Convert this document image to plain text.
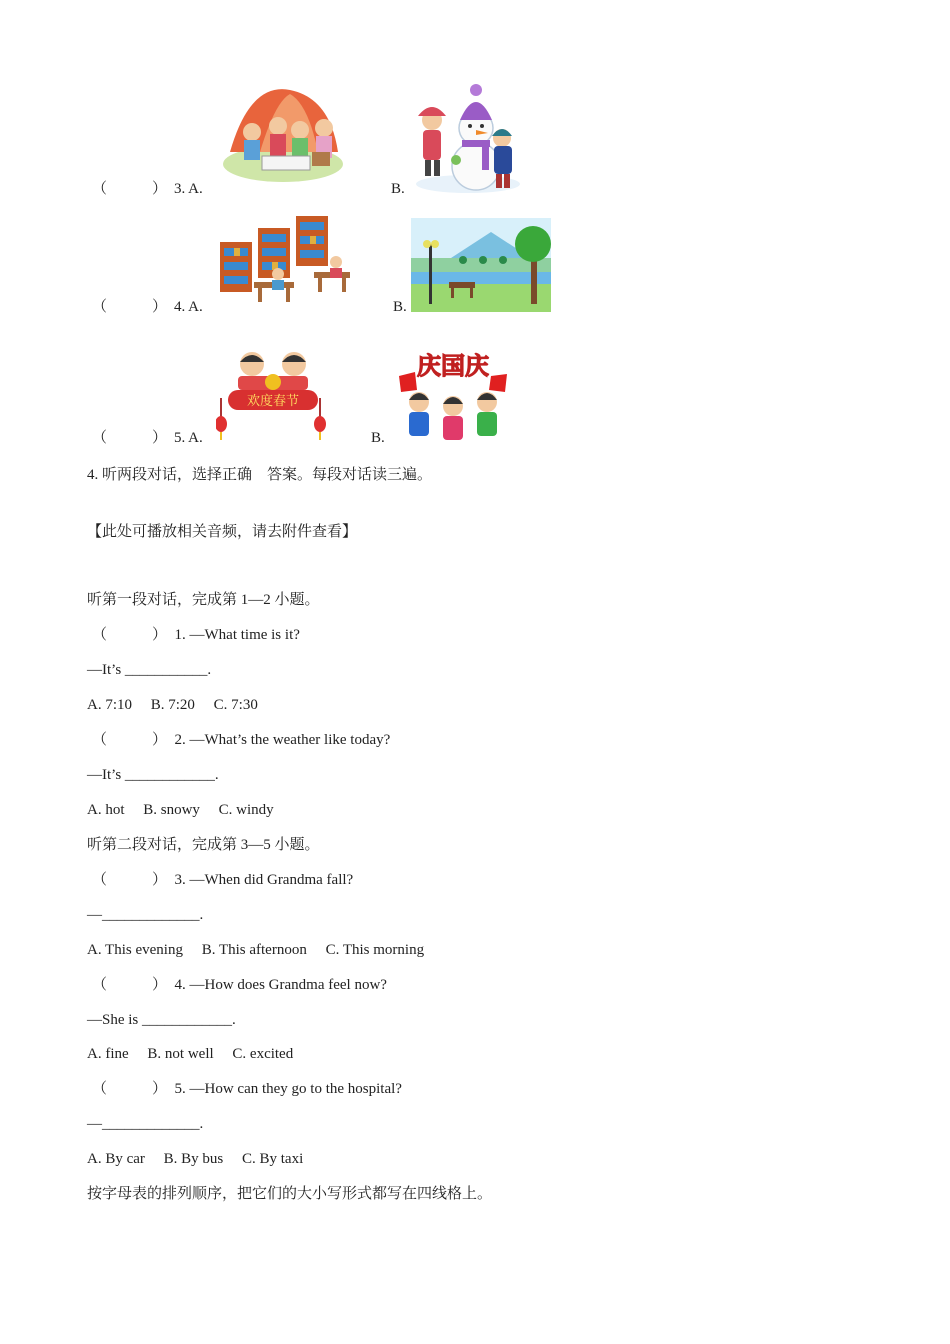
（　　　） 3. A.	B.
（　　　） 4. A.	B.
（　　　） 5. A.
欢度春节
B.
庆国庆
4. 听两段对话，选择正确　答案。每段对话读三遍。
【此处可播放相关音频，请去附件查看】
听第一段对话，完成第 1—2 小题。
（　　　）　1. —What time is it?
—It’s ___________.
A. 7:10　 B. 7:20　 C. 7:30
（　　　）　2. —What’s the weather like today?
—It’s ____________.
A. hot　 B. snowy　 C. windy
听第二段对话，完成第 3—5 小题。
（　　　）　3. —When did Grandma fall?
—_____________.
A. This evening　 B. This afternoon　 C. This morning
（　　　）　4. —How does Grandma feel now?
—She is ____________.
A. fine　 B. not well　 C. excited
（　　　）　5. —How can they go to the hospital?
—_____________.
A. By car　 B. By bus　 C. By taxi
按字母表的排列顺序，把它们的大小写形式都写在四线格上。
